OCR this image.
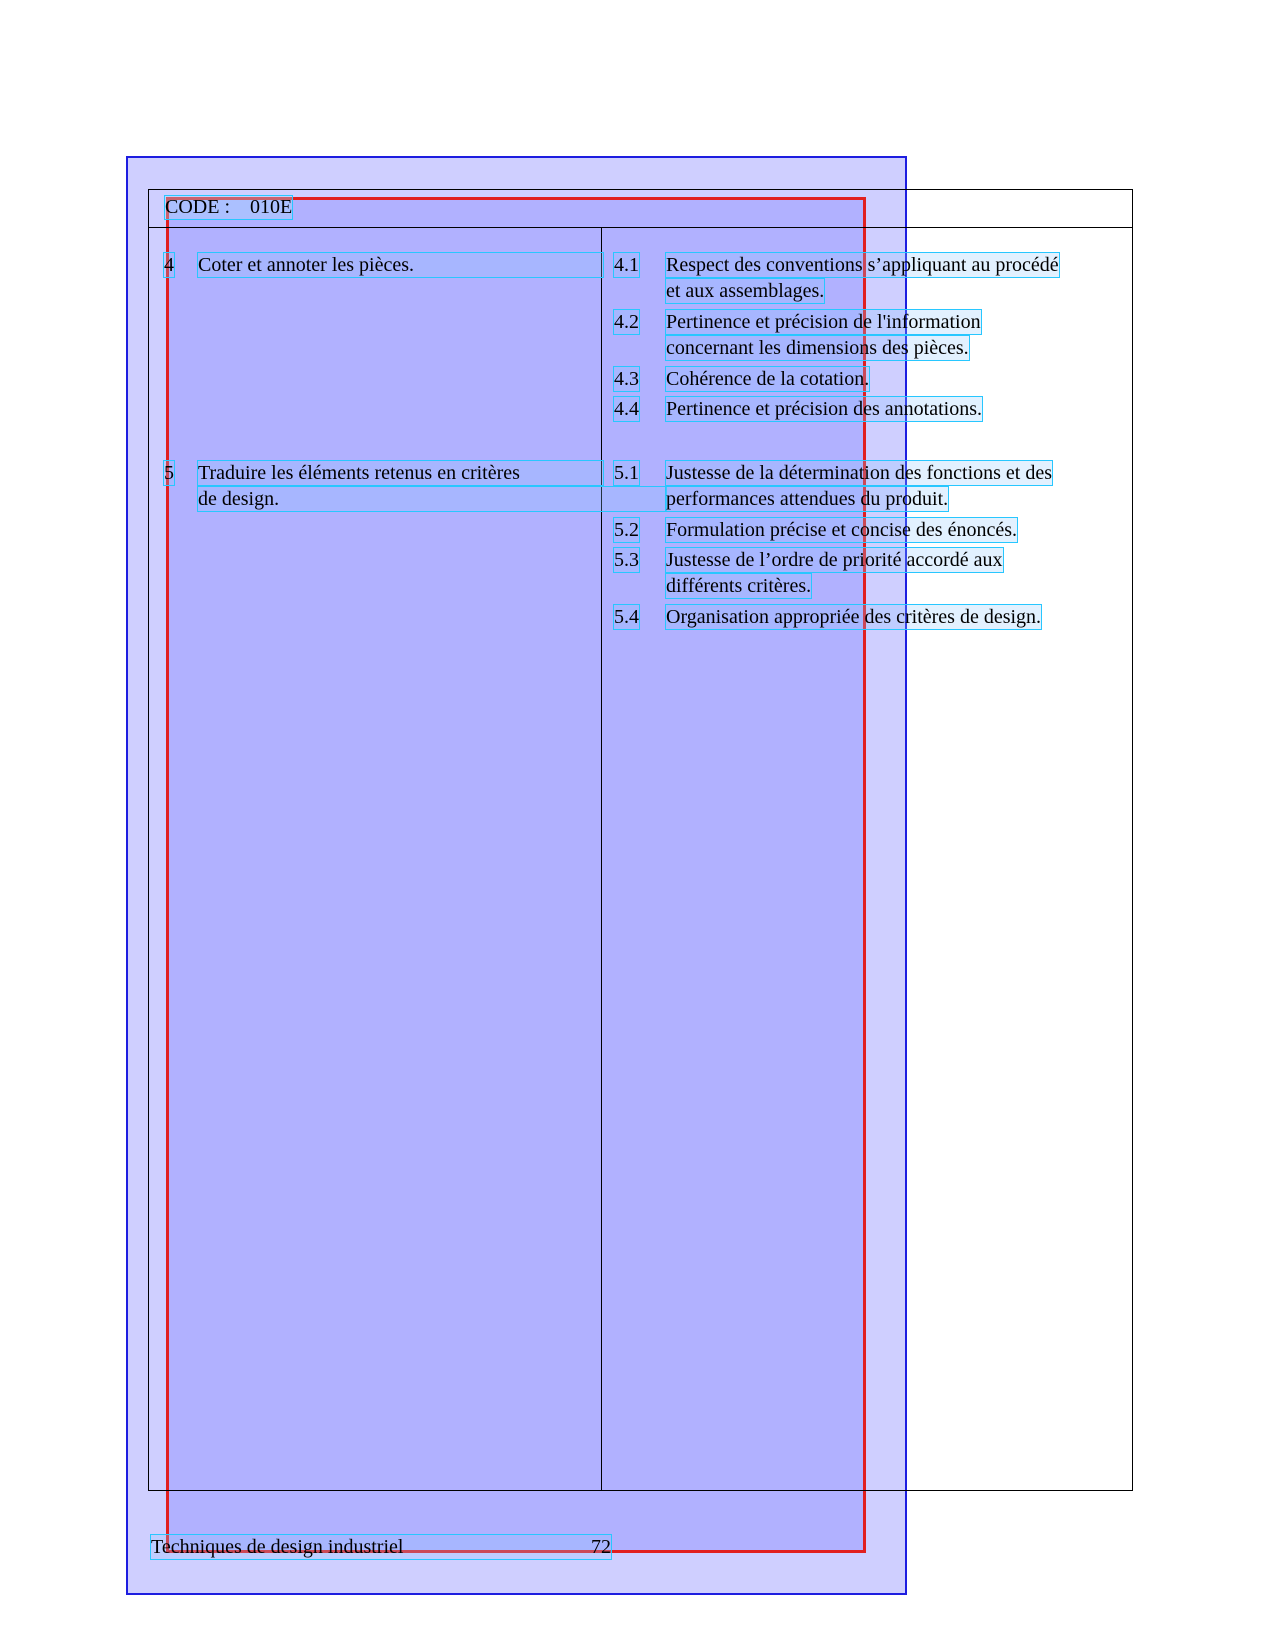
CODE :    010E
4 Coter et annoter les pièces.
5 Traduire les éléments retenus en critères
de design.
4.1 Respect des conventions s’appliquant au procédé
et aux assemblages.
4.2 Pertinence et précision de l'information
concernant les dimensions des pièces.
4.3 Cohérence de la cotation.
4.4 Pertinence et précision des annotations.
5.1 Justesse de la détermination des fonctions et des
performances attendues du produit.
5.2 Formulation précise et concise des énoncés.
5.3 Justesse de l’ordre de priorité accordé aux
différents critères.
5.4 Organisation appropriée des critères de design.
Techniques de design industriel	72
